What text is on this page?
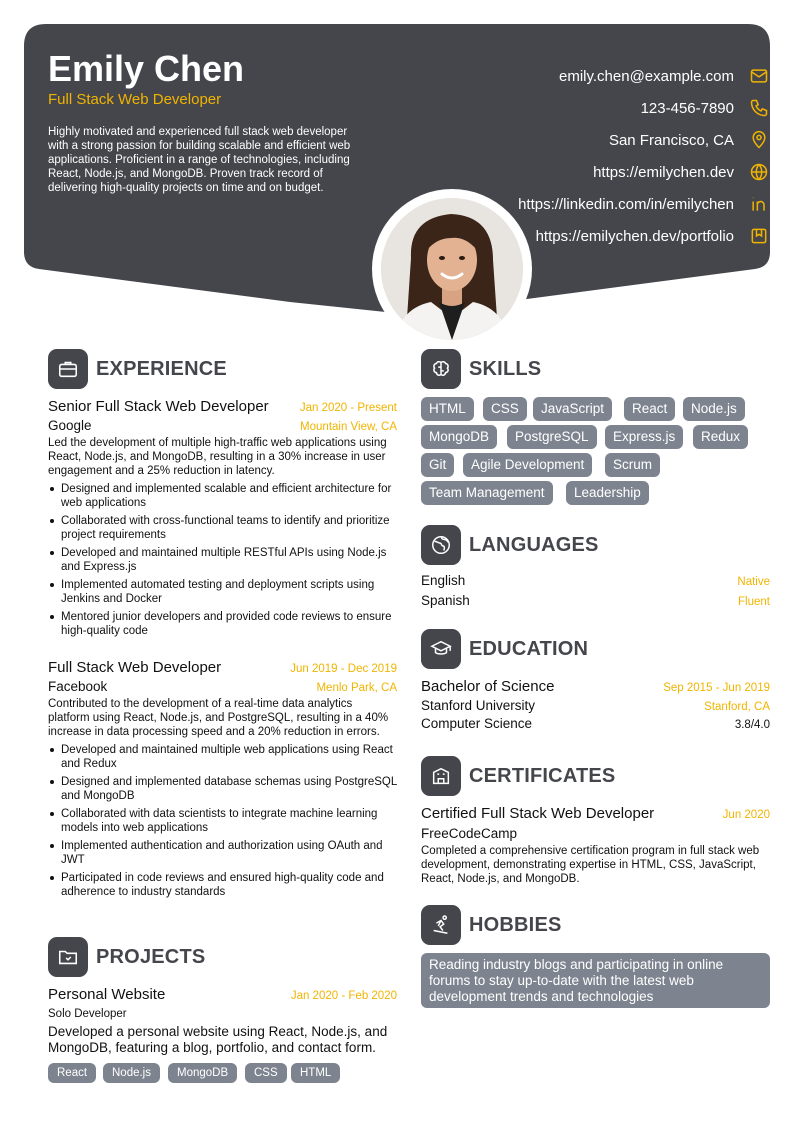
Emily Chen
Full Stack Web Developer
Highly motivated and experienced full stack web developer with a strong passion for building scalable and efficient web applications. Proficient in a range of technologies, including React, Node.js, and MongoDB. Proven track record of delivering high-quality projects on time and on budget.
emily.chen@example.com
123-456-7890
San Francisco, CA
https://emilychen.dev
https://linkedin.com/in/emilychen
https://emilychen.dev/portfolio
EXPERIENCE
Senior Full Stack Web Developer	Jan 2020 - Present
Google	Mountain View, CA
Led the development of multiple high-traffic web applications using React, Node.js, and MongoDB, resulting in a 30% increase in user engagement and a 25% reduction in latency.
Designed and implemented scalable and efficient architecture for web applications
Collaborated with cross-functional teams to identify and prioritize project requirements
Developed and maintained multiple RESTful APIs using Node.js and Express.js
Implemented automated testing and deployment scripts using Jenkins and Docker
Mentored junior developers and provided code reviews to ensure high-quality code
Full Stack Web Developer	Jun 2019 - Dec 2019
Facebook	Menlo Park, CA
Contributed to the development of a real-time data analytics platform using React, Node.js, and PostgreSQL, resulting in a 40% increase in data processing speed and a 20% reduction in errors.
Developed and maintained multiple web applications using React and Redux
Designed and implemented database schemas using PostgreSQL and MongoDB
Collaborated with data scientists to integrate machine learning models into web applications
Implemented authentication and authorization using OAuth and JWT
Participated in code reviews and ensured high-quality code and adherence to industry standards
PROJECTS
Personal Website	Jan 2020 - Feb 2020
Solo Developer
Developed a personal website using React, Node.js, and MongoDB, featuring a blog, portfolio, and contact form.
React	Node.js	MongoDB	CSS	HTML
SKILLS
HTML	CSS	JavaScript	React	Node.js
MongoDB	PostgreSQL	Express.js	Redux
Git	Agile Development	Scrum
Team Management	Leadership
LANGUAGES
English	Native
Spanish	Fluent
EDUCATION
Bachelor of Science	Sep 2015 - Jun 2019
Stanford University	Stanford, CA
Computer Science	3.8/4.0
CERTIFICATES
Certified Full Stack Web Developer	Jun 2020
FreeCodeCamp
Completed a comprehensive certification program in full stack web development, demonstrating expertise in HTML, CSS, JavaScript, React, Node.js, and MongoDB.
HOBBIES
Reading industry blogs and participating in online forums to stay up-to-date with the latest web development trends and technologies
